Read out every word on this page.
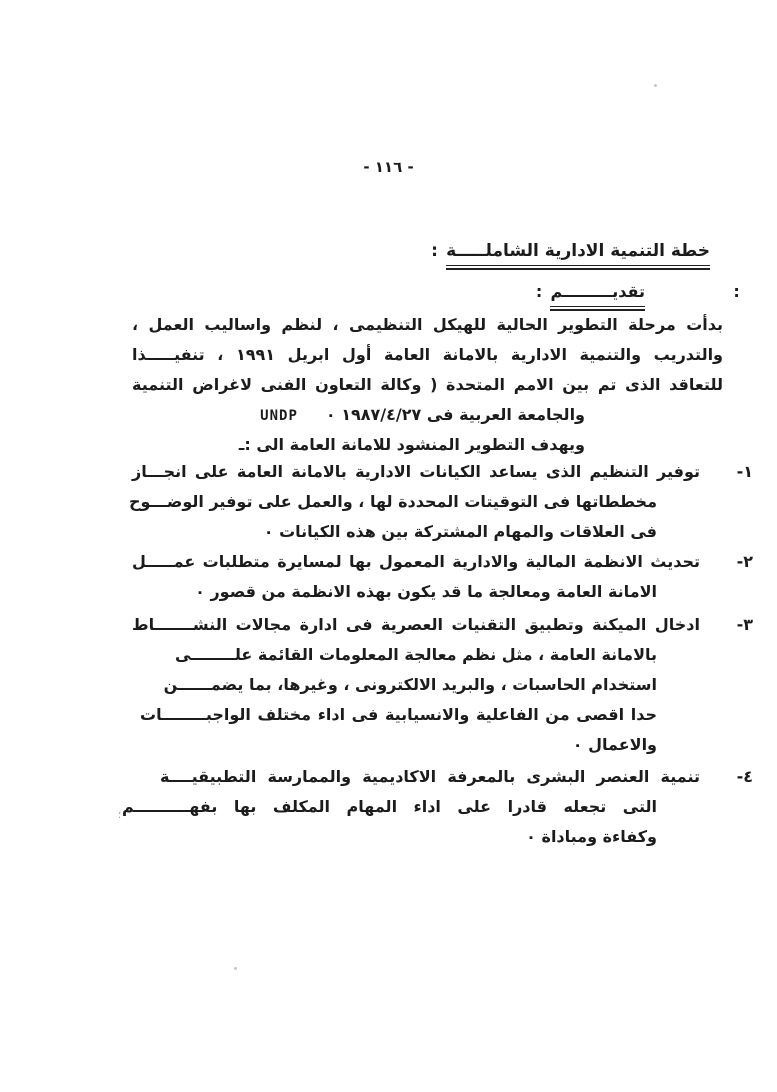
؛
- ١١٦ -
خطة التنمية الادارية الشاملـــــة:
:
تقديـــــــــم:
بدأت مرحلة التطوير الحالية للهيكل التنظيمى ، لنظم واساليب العمل ،
والتدريب والتنمية الادارية بالامانة العامة أول ابريل ١٩٩١ ، تنفيـــــذا
للتعاقد الذى تم بين الامم المتحدة ( وكالة التعاون الفنى لاغراض التنمية
والجامعة العربية فى ١٩٨٧/٤/٢٧ ٠
UNDP
ويهدف التطوير المنشود للامانة العامة الى :ـ
١-
توفير التنظيم الذى يساعد الكيانات الادارية بالامانة العامة على انجـــاز
مخططاتها فى التوقيتات المحددة لها ، والعمل على توفير الوضـــوح
فى العلاقات والمهام المشتركة بين هذه الكيانات ٠
٢-
تحديث الانظمة المالية والادارية المعمول بها لمسايرة متطلبات عمـــــل
الامانة العامة ومعالجة ما قد يكون بهذه الانظمة من قصور ٠
٣-
ادخال الميكنة وتطبيق التقنيات العصرية فى ادارة مجالات النشـــــــاط
بالامانة العامة ، مثل نظم معالجة المعلومات القائمة علــــــــى
استخدام الحاسبات ، والبريد الالكترونى ، وغيرها، بما يضمــــــن
حدا اقصى من الفاعلية والانسيابية فى اداء مختلف الواجبــــــــات
والاعمال ٠
٤-
تنمية العنصر البشرى بالمعرفة الاكاديمية والممارسة التطبيقيــــة
التى تجعله قادرا على اداء المهام المكلف بها بفهــــــــــم
وكفاءة ومباداة ٠
